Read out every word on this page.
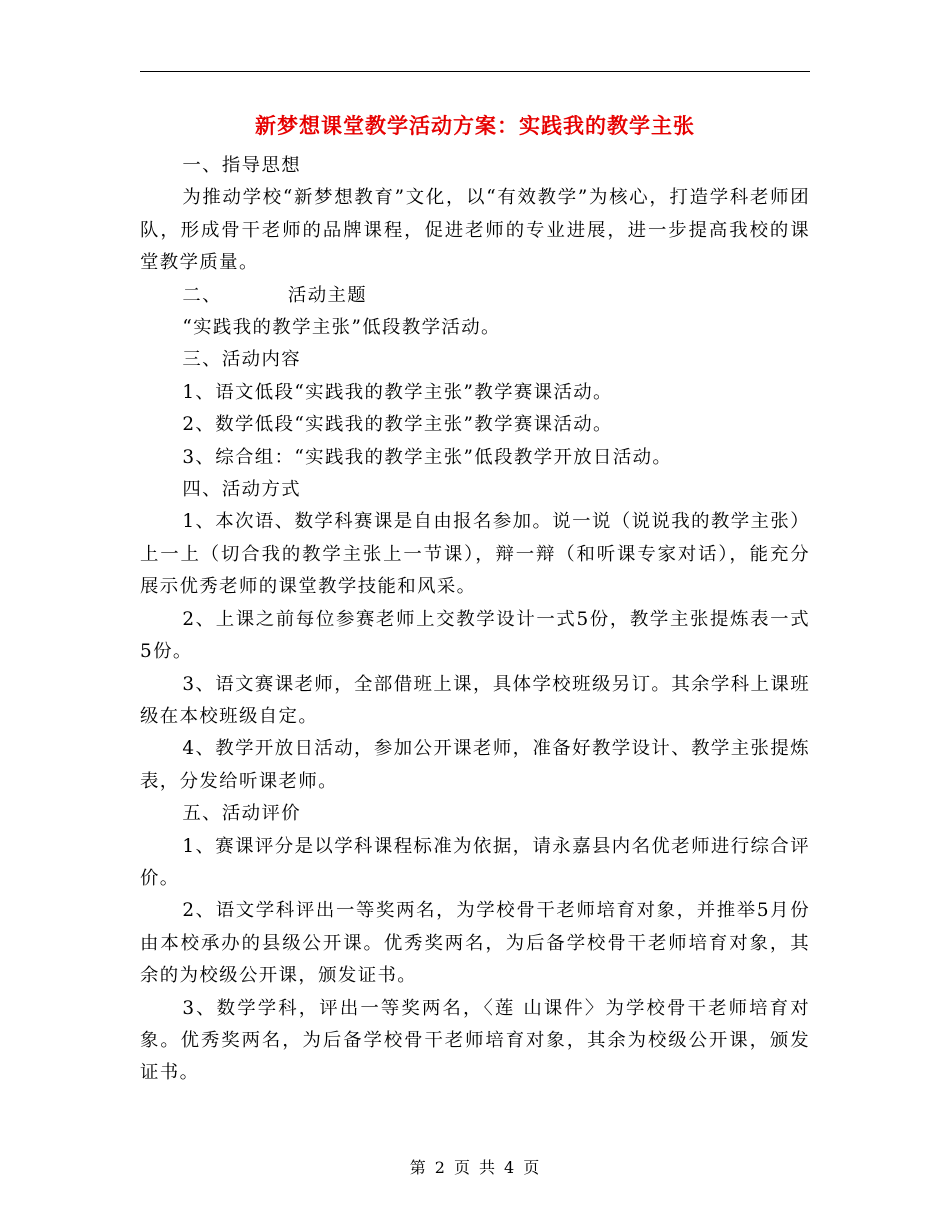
新梦想课堂教学活动方案：实践我的教学主张

一、指导思想

为推动学校“新梦想教育”文化，以“有效教学”为核心，打造学科老师团队，形成骨干老师的品牌课程，促进老师的专业进展，进一步提高我校的课堂教学质量。

二、	活动主题

“实践我的教学主张”低段教学活动。

三、活动内容

1、语文低段“实践我的教学主张”教学赛课活动。

2、数学低段“实践我的教学主张”教学赛课活动。

3、综合组：“实践我的教学主张”低段教学开放日活动。

四、活动方式

1、本次语、数学科赛课是自由报名参加。说一说（说说我的教学主张）上一上（切合我的教学主张上一节课），辩一辩（和听课专家对话），能充分展示优秀老师的课堂教学技能和风采。

2、上课之前每位参赛老师上交教学设计一式5份，教学主张提炼表一式5份。

3、语文赛课老师，全部借班上课，具体学校班级另订。其余学科上课班级在本校班级自定。

4、教学开放日活动，参加公开课老师，准备好教学设计、教学主张提炼表，分发给听课老师。

五、活动评价

1、赛课评分是以学科课程标准为依据，请永嘉县内名优老师进行综合评价。

2、语文学科评出一等奖两名，为学校骨干老师培育对象，并推举5月份由本校承办的县级公开课。优秀奖两名，为后备学校骨干老师培育对象，其余的为校级公开课，颁发证书。

3、数学学科，评出一等奖两名，〈莲 山课件〉为学校骨干老师培育对象。优秀奖两名，为后备学校骨干老师培育对象，其余为校级公开课，颁发证书。

第 2 页 共 4 页
